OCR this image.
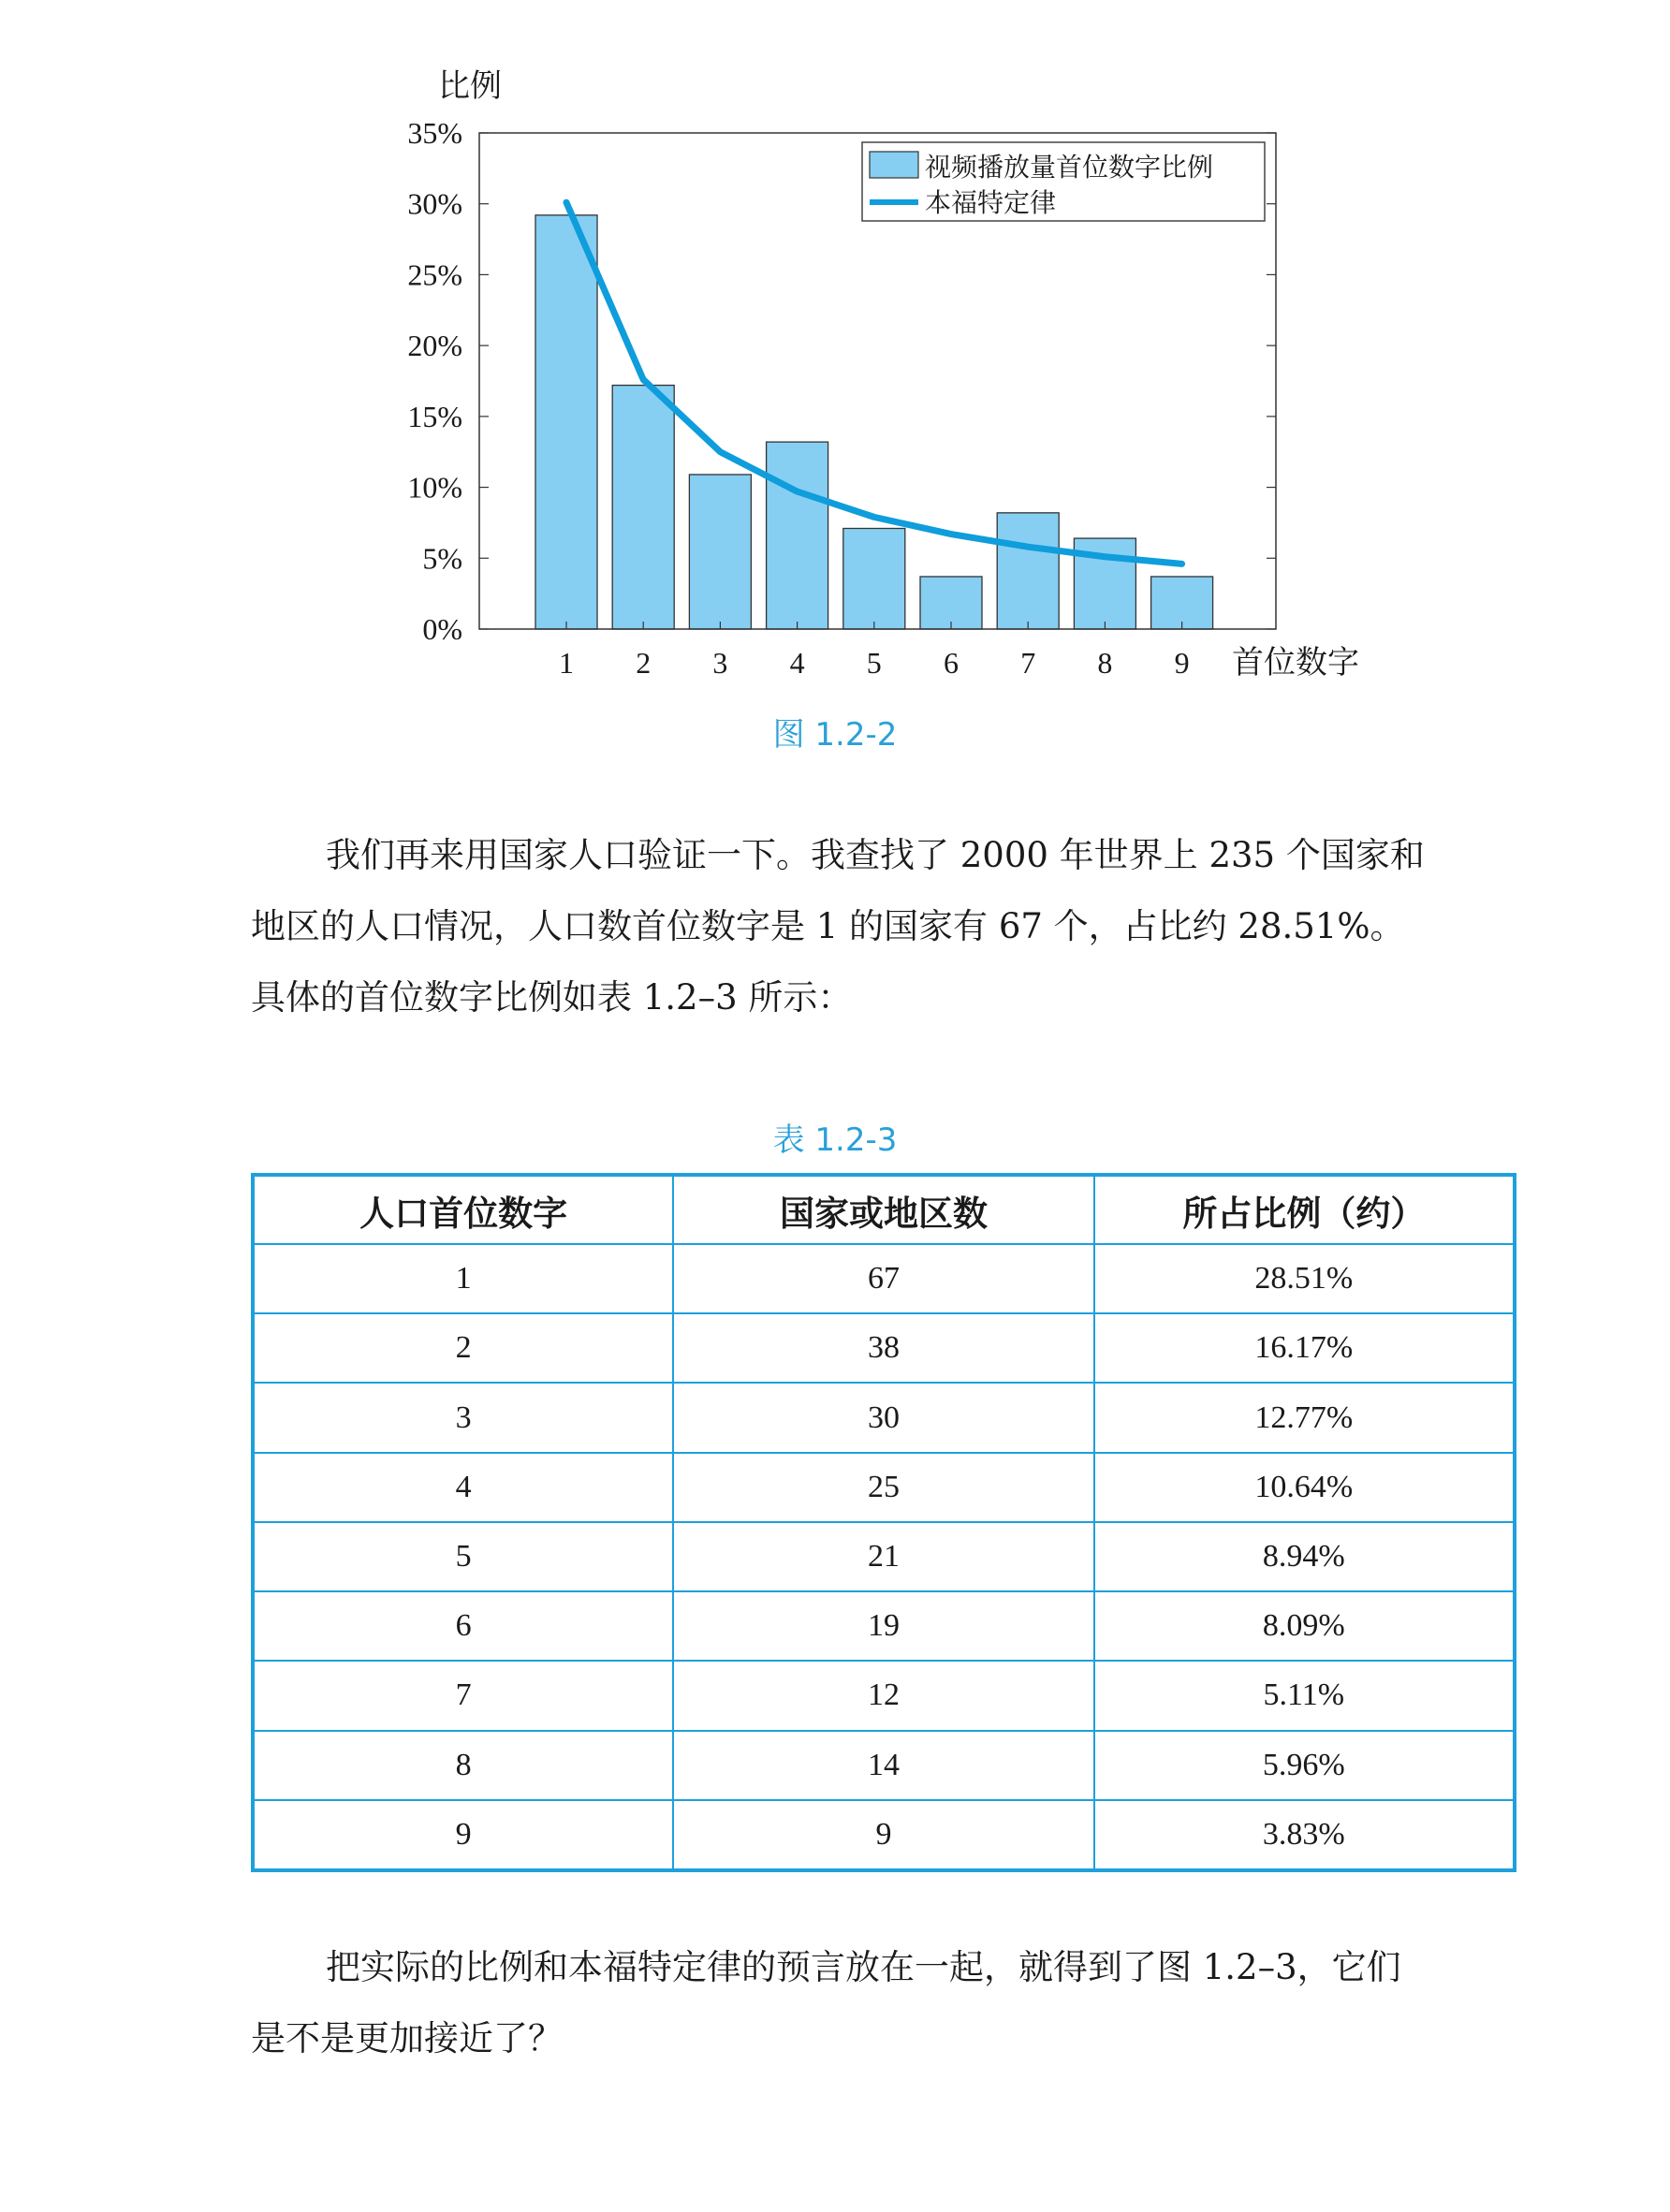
0%
5%
10%
15%
20%
25%
30%
35%
1 2 3 4 5 6 7 8 9
比例
首位数字
视频播放量首位数字比例
本福特定律
图 1.2-2

我们再来用国家人口验证一下。我查找了 2000 年世界上 235 个国家和
地区的人口情况，人口数首位数字是 1 的国家有 67 个，占比约 28.51%。
具体的首位数字比例如表 1.2–3 所示：

表 1.2-3
人口首位数字	国家或地区数	所占比例（约）
1	67	28.51%
2	38	16.17%
3	30	12.77%
4	25	10.64%
5	21	8.94%
6	19	8.09%
7	12	5.11%
8	14	5.96%
9	9	3.83%

把实际的比例和本福特定律的预言放在一起，就得到了图 1.2–3，它们
是不是更加接近了？
